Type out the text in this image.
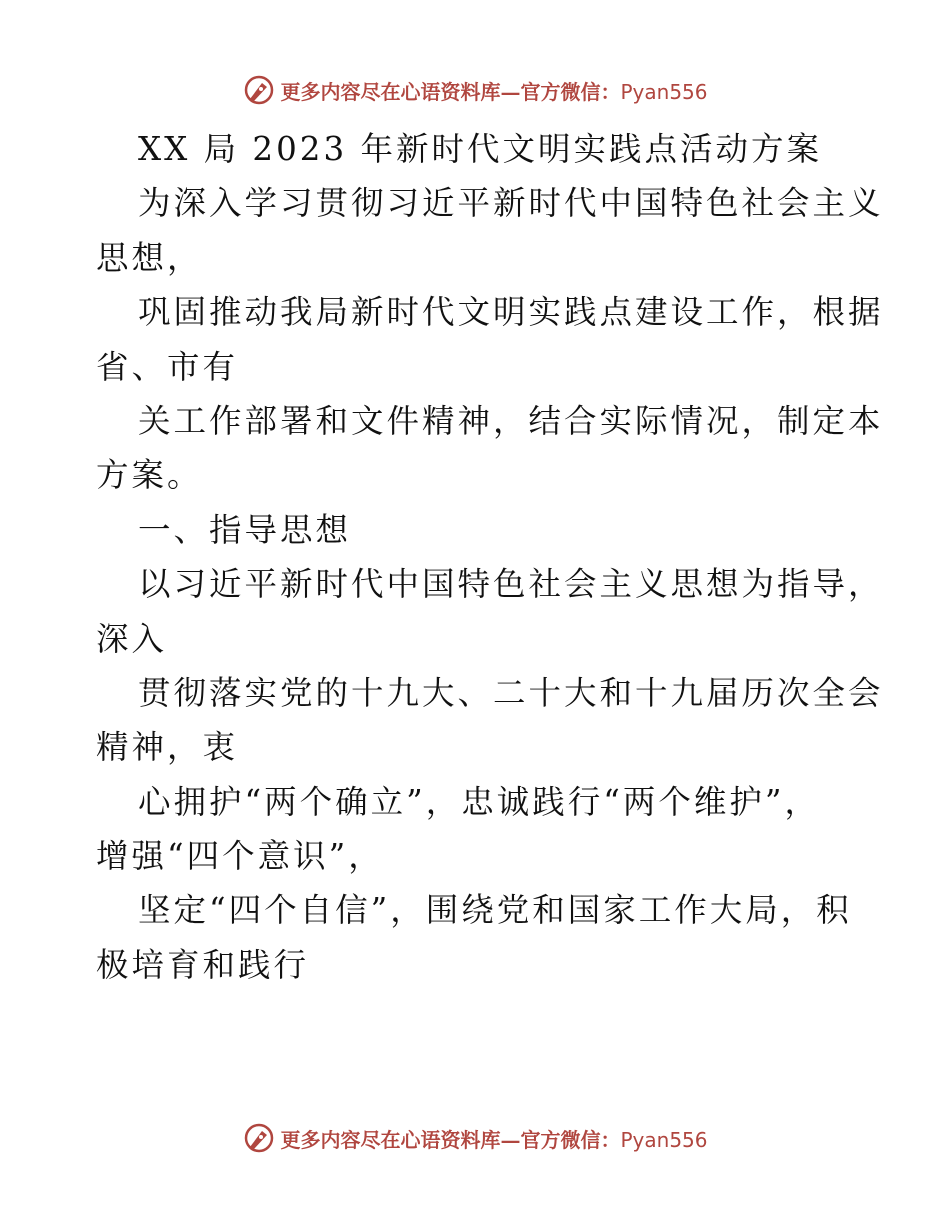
更多内容尽在心语资料库—官方微信：Pyan556
XX 局 2023 年新时代文明实践点活动方案
为深入学习贯彻习近平新时代中国特色社会主义
思想，
巩固推动我局新时代文明实践点建设工作，根据
省、市有
关工作部署和文件精神，结合实际情况，制定本
方案。
一、指导思想
以习近平新时代中国特色社会主义思想为指导，
深入
贯彻落实党的十九大、二十大和十九届历次全会
精神，衷
心拥护“两个确立”，忠诚践行“两个维护”，
增强“四个意识”，
坚定“四个自信”，围绕党和国家工作大局，积
极培育和践行
更多内容尽在心语资料库—官方微信：Pyan556
